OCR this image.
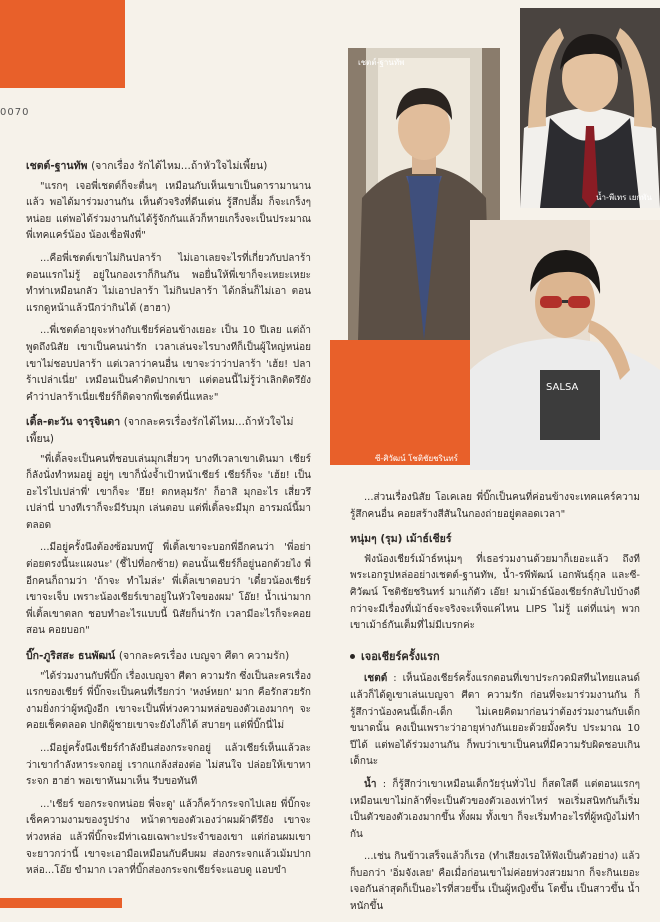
0070
เชตต์-ฐานทัพ
น้ำ-พีเทร เยกพัน
SALSA
ซี-ศิวัฒน์ โชติชัยชรินทร์
เชตต์-ฐานทัพ (จากเรื่อง รักได้ไหม...ถ้าหัวใจไม่เพี้ยน)

"แรกๆ เจอพี่เชตต์ก็จะตื่นๆ เหมือนกับเห็นเขาเป็นดารามานานแล้ว พอได้มาร่วมงานกัน เห็นตัวจริงที่ดีนเด่น รู้สึกปลื้ม ก็จะเกร็งๆ หน่อย แต่พอได้ร่วมงานกันได้รู้จักกันแล้วก็หายเกร็งจะเป็นประมาณพี่เทคแคร์น้อง น้องเชื่อฟังพี่"

...คือพี่เชตต์เขาไม่กินปลาร้า ไม่เอาเลยจะไรที่เกี่ยวกับปลาร้า ตอนแรกไม่รู้ อยู่ในกองเราก็กินกัน พอยื่นให้พี่เขาก็จะเหยะเหยะ ทำท่าเหมือนกลัว ไม่เอาปลาร้า ไม่กินปลาร้า ได้กลิ่นก็ไม่เอา ตอนแรกดูหน้าแล้วนึกว่ากินได้ (ฮาฮา)

...พี่เชตต์อายุจะห่างกับเชียร์ค่อนข้างเยอะ เป็น 10 ปีเลย แต่ถ้าพูดถึงนิสัย เขาเป็นคนน่ารัก เวลาเล่นจะไรบางทีก็เป็นผู้ใหญ่หน่อย เขาไม่ชอบปลาร้า แต่เวลาว่าคนอื่น เขาจะว่าว่าปลาร้า 'เฮ้ย! ปลาร้าเปล่าเนี่ย' เหมือนเป็นคำติดปากเขา แต่ตอนนี้ไม่รู้ว่าเลิกติดรึยัง คำว่าปลาร้าเนี่ยเชียร์ก็ติดจากพี่เชตต์นี่แหละ"

เติ้ล-ตะวัน จารุจินดา (จากละครเรื่องรักได้ไหม...ถ้าหัวใจไม่เพี้ยน)

"พี่เติ้ลจะเป็นคนที่ชอบเล่นมุกเสี่ยวๆ บางทีเวลาเขาเดินมา เชียร์ก็ลังนั่งทำหมอยู่ อยู่ๆ เขาก็นั่งจ้ำเป้าหน้าเชียร์ เชียร์ก็จะ 'เฮ้ย! เป็นอะไรไปเปล่าพี่' เขาก็จะ 'ฮึย! ตกหลุมรัก' ก็อาสิ มุกอะไร เสี่ยวรึเปล่านี่ บางทีเราก็จะมีรับมุก เล่นตอบ แต่พี่เติ้ลจะมีมุก อารมณ์นี้มาตลอด

...มีอยู่ครั้งนึงต้องซ้อมบทบู๊ พี่เติ้ลเขาจะบอกพี่อีกคนว่า 'พี่อย่าต่อยตรงนี้นะแผงนะ' (ชี้ไปที่อกซ้าย) ตอนนั้นเชียร์ก็อยู่นอกด้วยไง พี่อีกคนก็ถามว่า 'ถ้าจะ ทำไมล่ะ' พี่เติ้ลเขาตอบว่า 'เดี๋ยวน้องเชียร์เขาจะเจ็บ เพราะน้องเชียร์เขาอยู่ในหัวใจของผม' โอ๊ย! น้ำเน่ามาก พี่เติ้ลเขาตลก ชอบทำอะไรแบบนี้ นิสัยก็น่ารัก เวลามีอะไรก็จะคอยสอน คอยบอก"

บิ๊ก-ภูริสสะ ธนพัฒน์ (จากละครเรื่อง เบญจา ศีตา ความรัก)

"ได้ร่วมงานกับพี่บิ๊ก เรื่องเบญจา ศีตา ความรัก ซึ่งเป็นละครเรื่องแรกของเชียร์ พี่บิ๊กจะเป็นคนที่เรียกว่า 'หงษ์หยก' มาก คือรักสวยรักงามยิ่งกว่าผู้หญิงอีก เขาจะเป็นพี่ห่วงความหล่อของตัวเองมากๆ จะคอยเช็คตลอด ปกติผู้ชายเขาจะยังไงก็ได้ สบายๆ แต่พี่บิ๊กนี่ไม่

...มีอยู่ครั้งนึงเชียร์กำลังยืนส่องกระจกอยู่ แล้วเชียร์เห็นแล้วละว่าเขากำลังหาระจกอยู่ เรากแกล้งส่องต่อ ไม่สนใจ ปล่อยให้เขาหาระจก ฮาฮ่า พอเขาหันมาเห็น รีบขอทันที

...'เชียร์ ขอกระจกหน่อย พี่จะดู' แล้วก็คว้ากระจกไปเลย พี่บิ๊กจะเช็คความงามของรูปร่าง หน้าตาของตัวเองว่าผมผ้าดีรึยัง เขาจะห่วงหล่อ แล้วพี่บิ๊กจะมีท่าเฉยเฉพาะประจำของเขา แต่ก่อนผมเขาจะยาวกว่านี้ เขาจะเอามือเหมือนกับคืบผม ส่องกระจกแล้วเม้มปาก หล่อ...โอ๊ย ขำมาก เวลาที่บิ๊กส่องกระจกเชียร์จะแอบดู แอบขำ

...ส่วนเรื่องนิสัย โอเคเลย พี่บิ๊กเป็นคนที่ค่อนข้างจะเทคแคร์ความรู้สึกคนอื่น คอยสร้างสีสันในกองถ่ายอยู่ตลอดเวลา"

หนุ่มๆ (รุม) เม้าธ์เชียร์

ฟังน้องเชียร์เม้าธ์หนุ่มๆ ที่เธอร่วมงานด้วยมาก็เยอะแล้ว ถึงทีพระเอกรูปหล่ออย่างเชตต์-ฐานทัพ, น้ำ-รพีพัฒน์ เอกพันธุ์กุล และซี-ศิวัฒน์ โชติชัยชรินทร์ มาแก้ตัว เอ๊ย! มาเม้าธ์น้องเชียร์กลับไปบ้างดีกว่าจะมีเรื่องที่เม้าธ์จะจริงจะเท็จแค่ไหน LIPS ไม่รู้ แต่ที่แน่ๆ พวกเขาเม้าธ์กันเต็มที่ไม่มีเบรกค่ะ

เจอเชียร์ครั้งแรก

เชตต์ : เห็นน้องเชียร์ครั้งแรกตอนที่เขาประกวดมิสทีนไทยแลนด์ แล้วก็ได้ดูเขาเล่นเบญจา ศีตา ความรัก ก่อนที่จะมาร่วมงานกัน ก็รู้สึกว่าน้องคนนี้เด็ก-เด็ก ไม่เคยคิดมาก่อนว่าต้องร่วมงานกับเด็กขนาดนั้น คงเป็นเพราะว่าอายุห่างกันเยอะด้วยมั้งครับ ประมาณ 10 ปีได้ แต่พอได้ร่วมงานกัน ก็พบว่าเขาเป็นคนที่มีความรับผิดชอบเกินเด็กนะ

น้ำ : ก็รู้สึกว่าเขาเหมือนเด็กวัยรุ่นทั่วไป ก็สดใสดี แต่ตอนแรกๆ เหมือนเขาไม่กล้าที่จะเป็นตัวของตัวเองเท่าไหร่ พอเริ่มสนิทกันก็เริ่มเป็นตัวของตัวเองมากขึ้น ทั้งผม ทั้งเขา ก็จะเริ่มทำอะไรที่ผู้หญิงไม่ทำกัน

...เช่น กินข้าวเสร็จแล้วก็เรอ (ทำเสียงเรอให้ฟังเป็นตัวอย่าง) แล้วก็บอกว่า 'อิ่มจังเลย' คือเมื่อก่อนเขาไม่ค่อยห่วงสวยมาก ก็จะกินเยอะ เจอกันล่าสุดก็เป็นอะไรที่สวยขึ้น เป็นผู้หญิงขึ้น โตขึ้น เป็นสาวขึ้น น้ำหนักขึ้น
